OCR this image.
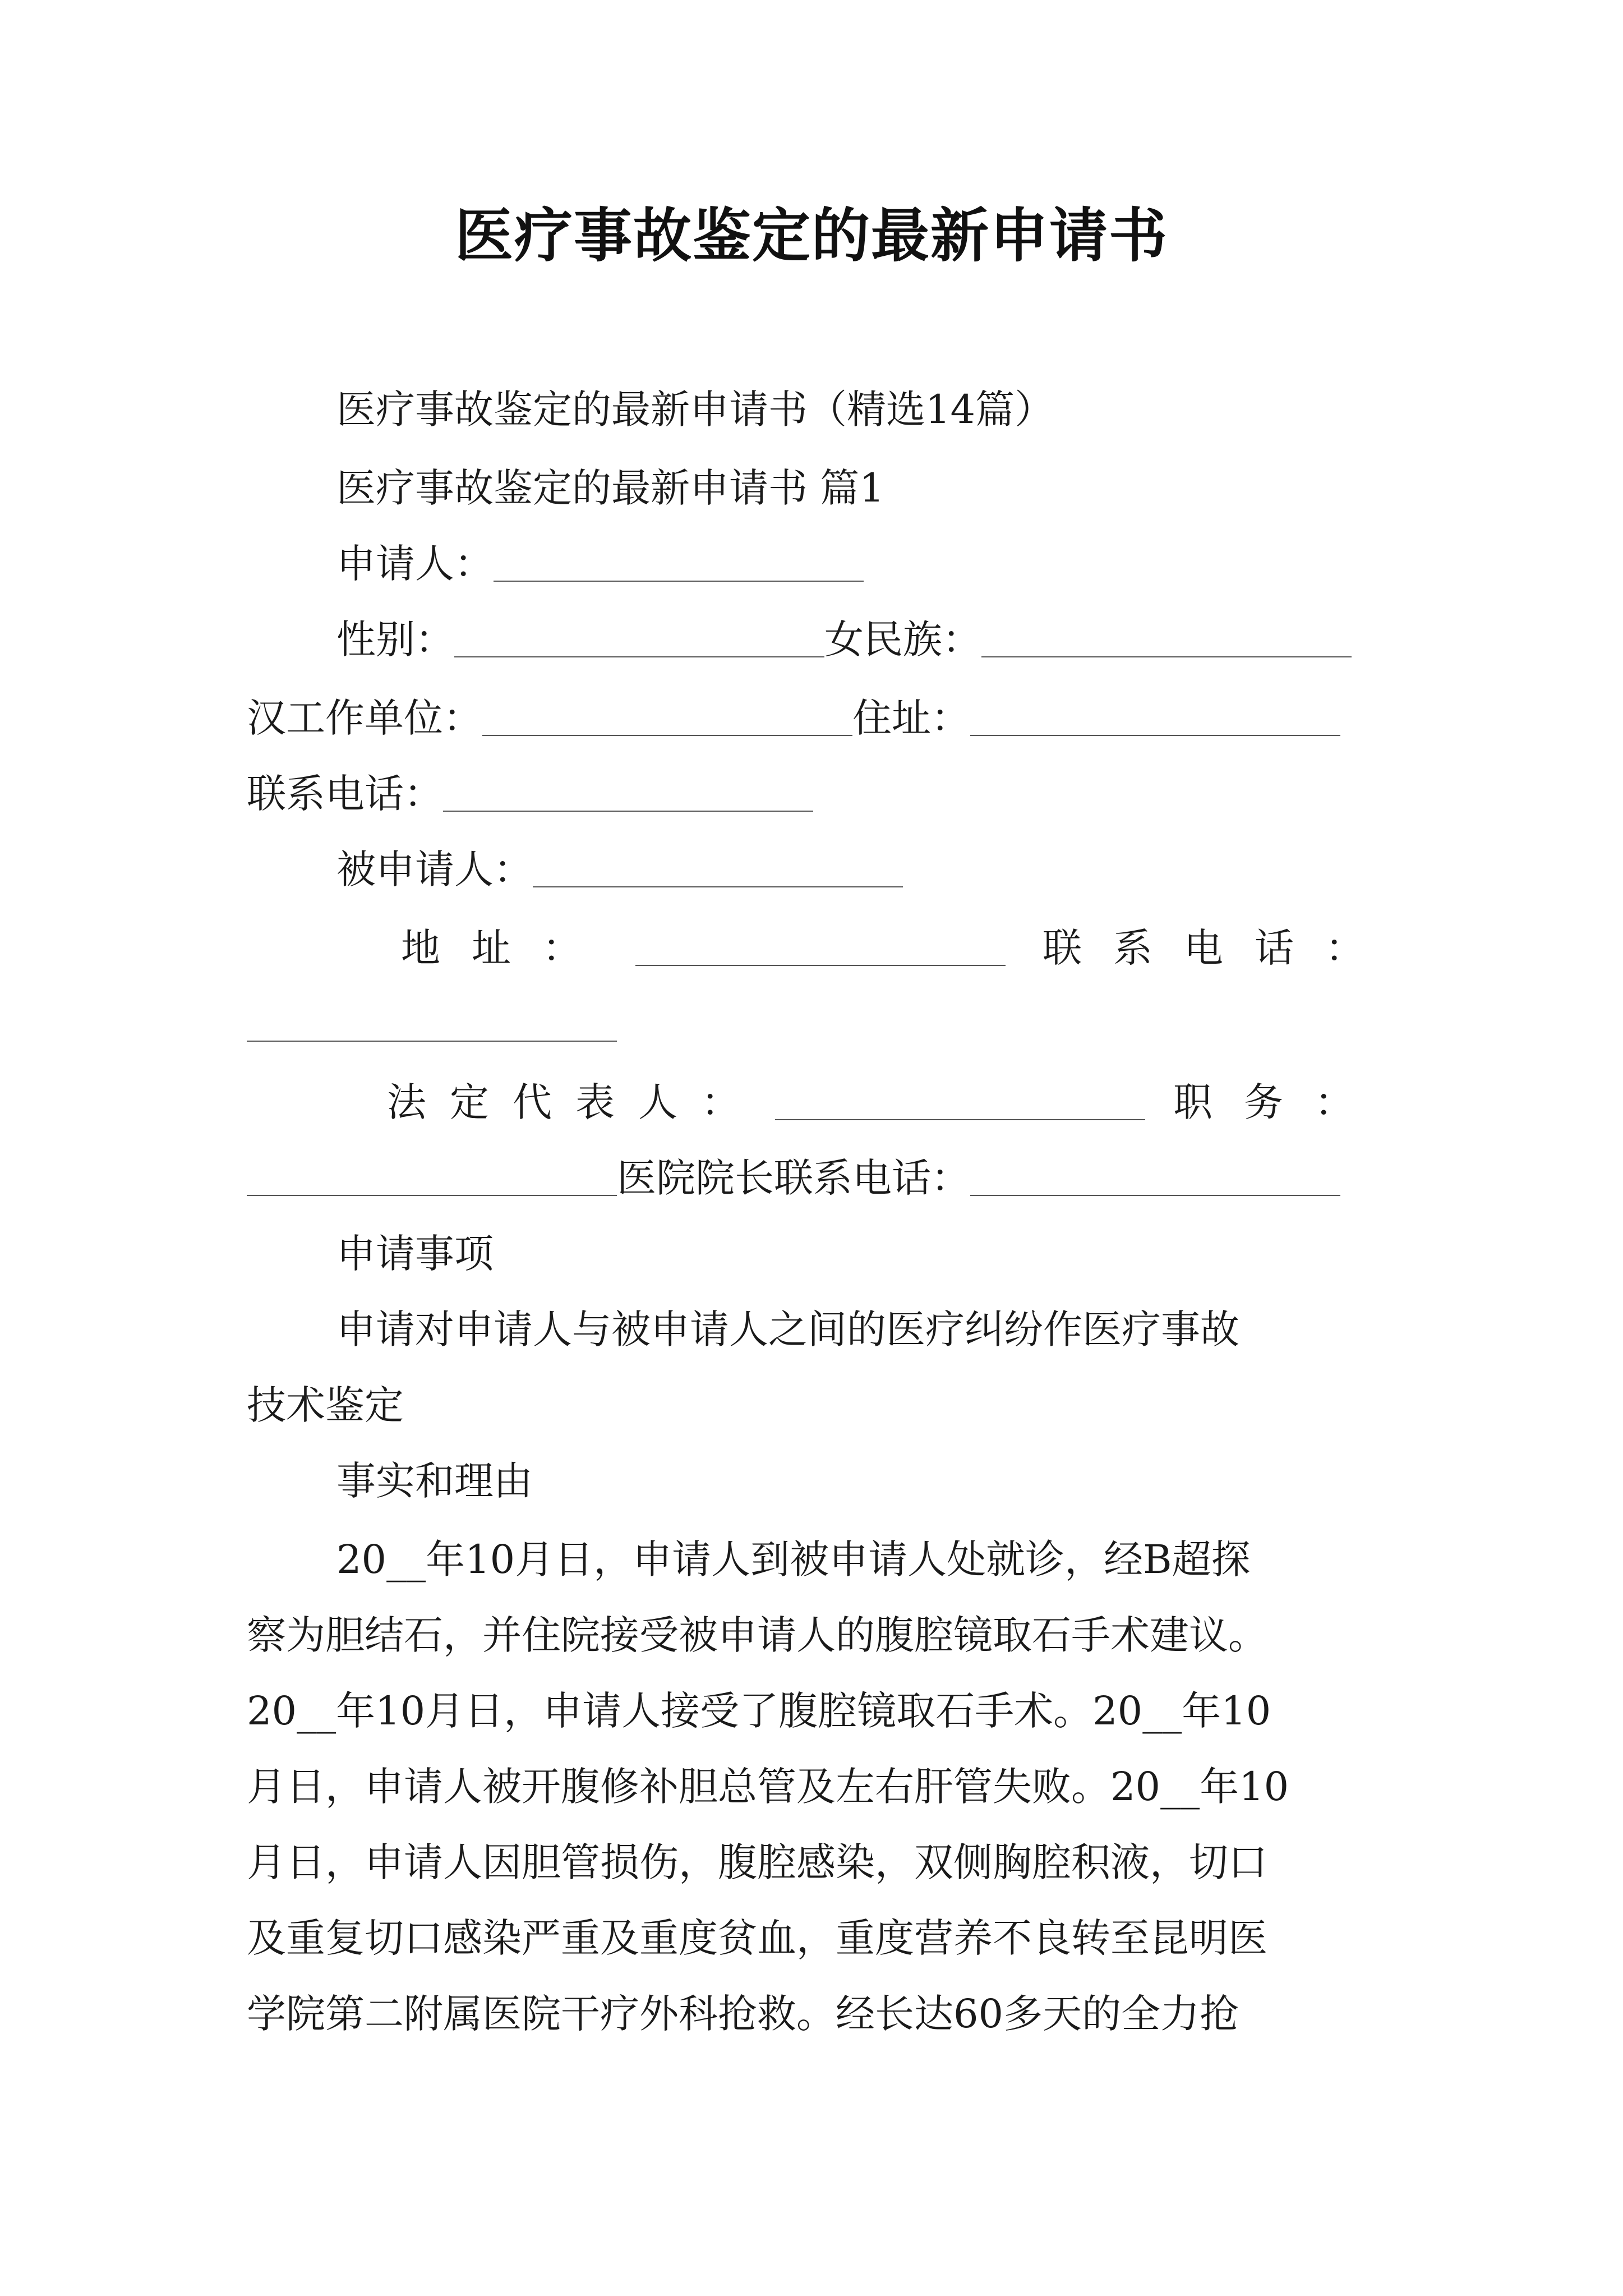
医疗事故鉴定的最新申请书
医疗事故鉴定的最新申请书（精选14篇）
医疗事故鉴定的最新申请书 篇1
申请人：
性别：	女民族：
汉工作单位：	住址：
联系电话：
被申请人：
地址：	联系电话：
法定代表人：	职务：
医院院长联系电话：
申请事项
申请对申请人与被申请人之间的医疗纠纷作医疗事故
技术鉴定
事实和理由
20__年10月日，申请人到被申请人处就诊，经B超探
察为胆结石，并住院接受被申请人的腹腔镜取石手术建议。
20__年10月日，申请人接受了腹腔镜取石手术。20__年10
月日，申请人被开腹修补胆总管及左右肝管失败。20__年10
月日，申请人因胆管损伤，腹腔感染，双侧胸腔积液，切口
及重复切口感染严重及重度贫血，重度营养不良转至昆明医
学院第二附属医院干疗外科抢救。经长达60多天的全力抢
